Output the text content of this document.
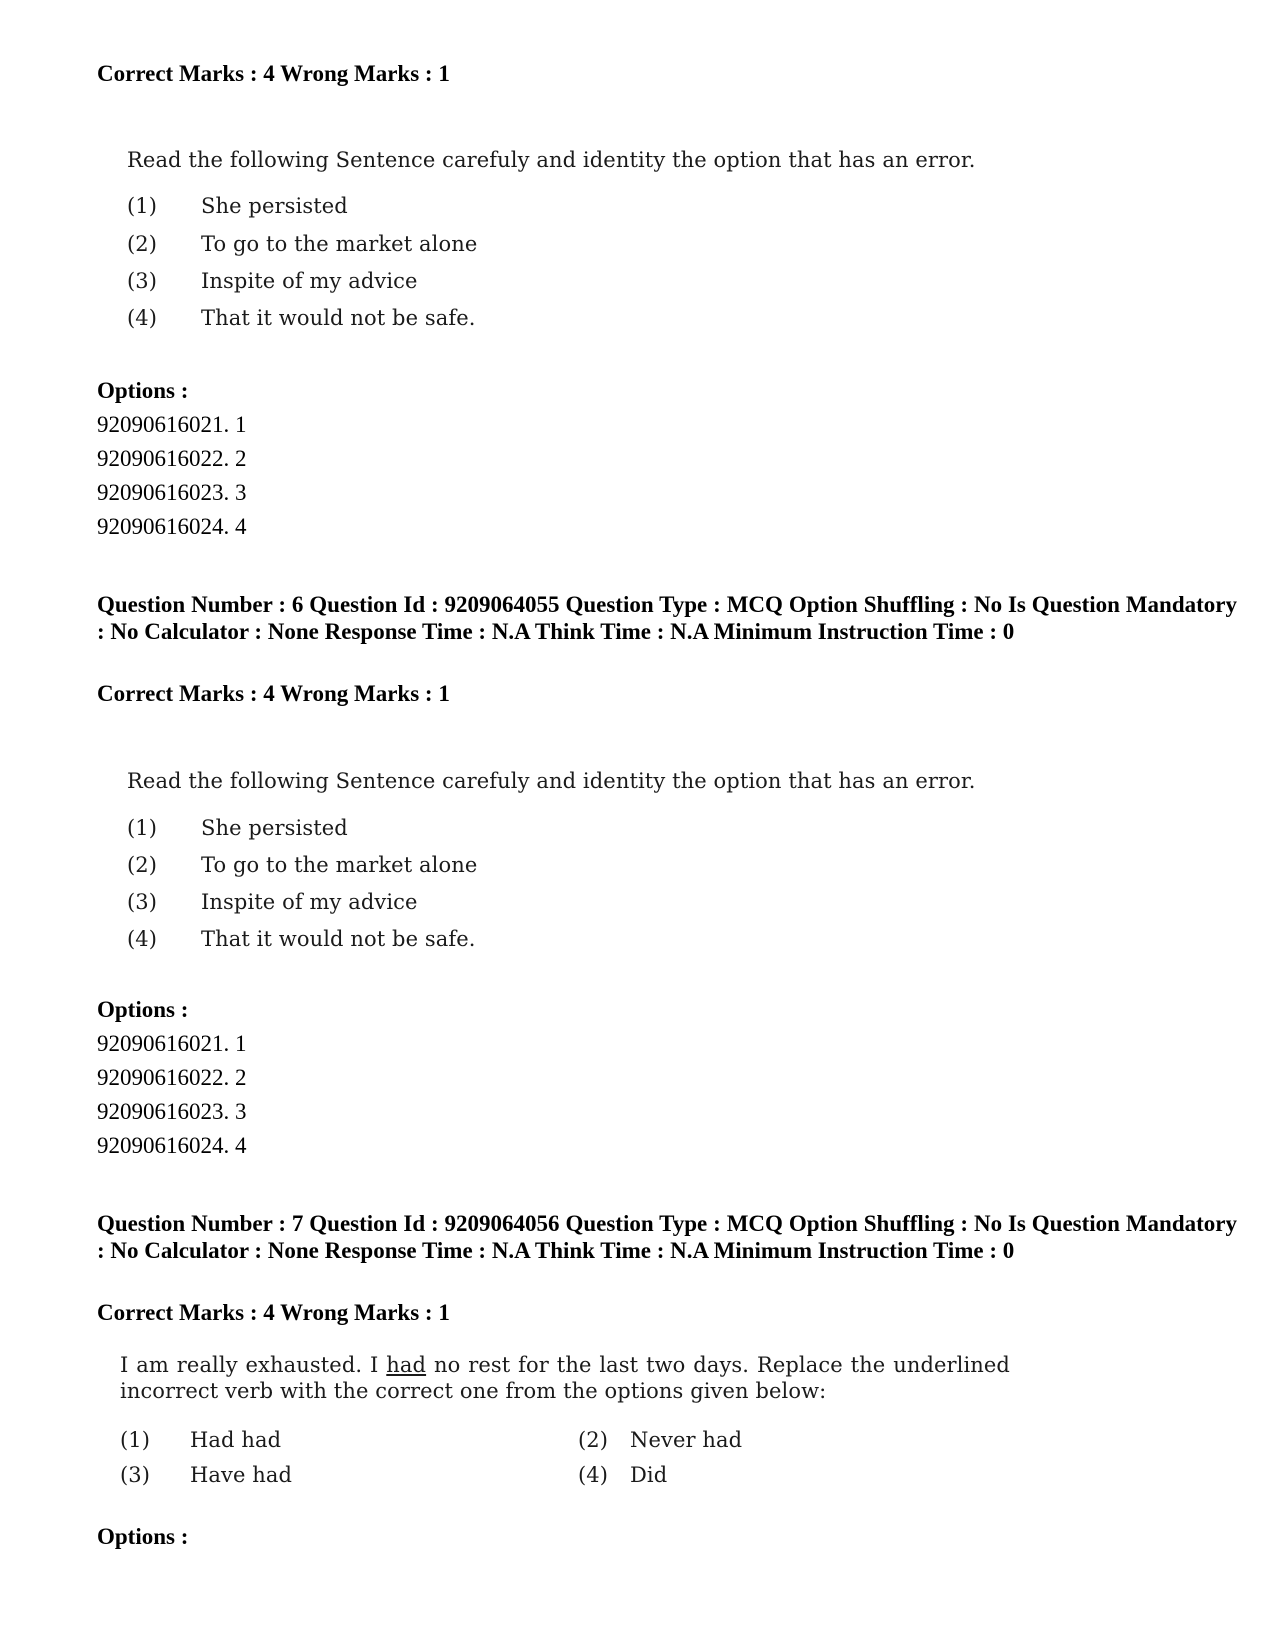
Correct Marks : 4 Wrong Marks : 1
Read the following Sentence carefuly and identity the option that has an error.
(1) She persisted
(2) To go to the market alone
(3) Inspite of my advice
(4) That it would not be safe.
Options :
92090616021. 1
92090616022. 2
92090616023. 3
92090616024. 4
Question Number : 6 Question Id : 9209064055 Question Type : MCQ Option Shuffling : No Is Question Mandatory : No Calculator : None Response Time : N.A Think Time : N.A Minimum Instruction Time : 0
Correct Marks : 4 Wrong Marks : 1
Read the following Sentence carefuly and identity the option that has an error.
(1) She persisted
(2) To go to the market alone
(3) Inspite of my advice
(4) That it would not be safe.
Options :
92090616021. 1
92090616022. 2
92090616023. 3
92090616024. 4
Question Number : 7 Question Id : 9209064056 Question Type : MCQ Option Shuffling : No Is Question Mandatory : No Calculator : None Response Time : N.A Think Time : N.A Minimum Instruction Time : 0
Correct Marks : 4 Wrong Marks : 1
I am really exhausted. I had no rest for the last two days. Replace the underlined incorrect verb with the correct one from the options given below:
(1) Had had	(2) Never had
(3) Have had	(4) Did
Options :
